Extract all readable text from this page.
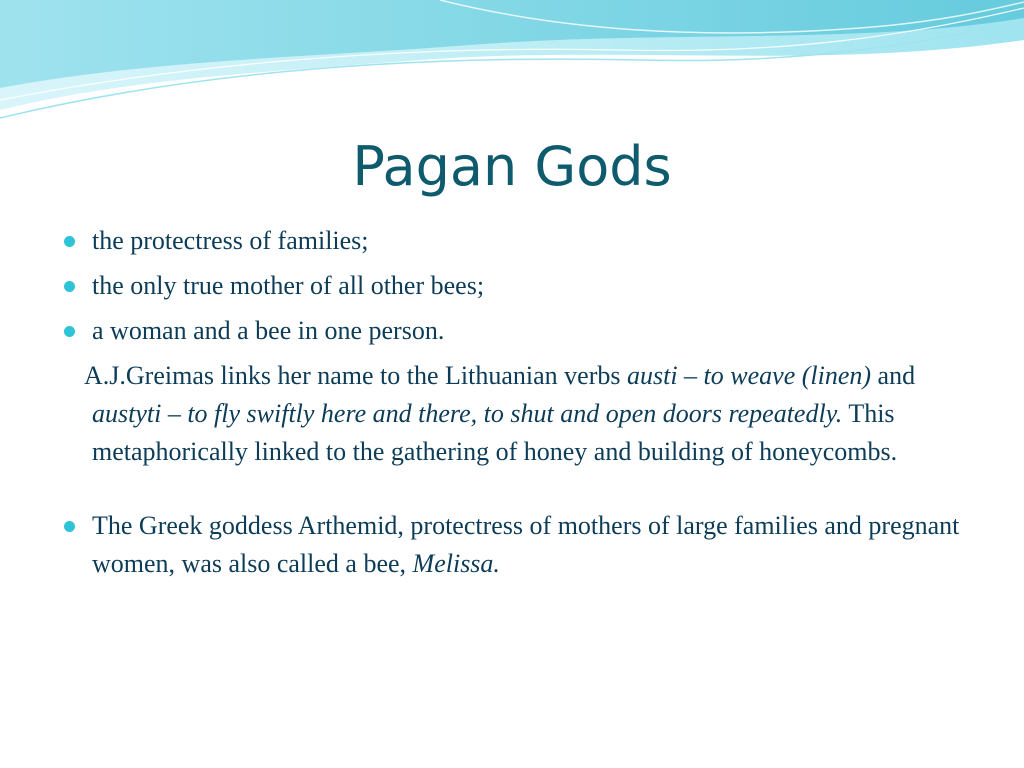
Pagan Gods
the protectress of families;
the only true mother of all other bees;
a woman and a bee in one person.

A.J.Greimas links her name to the Lithuanian verbs austi – to weave (linen) and austyti – to fly swiftly here and there, to shut and open doors repeatedly. This metaphorically linked to the gathering of honey and building of honeycombs.

The Greek goddess Arthemid, protectress of mothers of large families and pregnant women, was also called a bee, Melissa.
